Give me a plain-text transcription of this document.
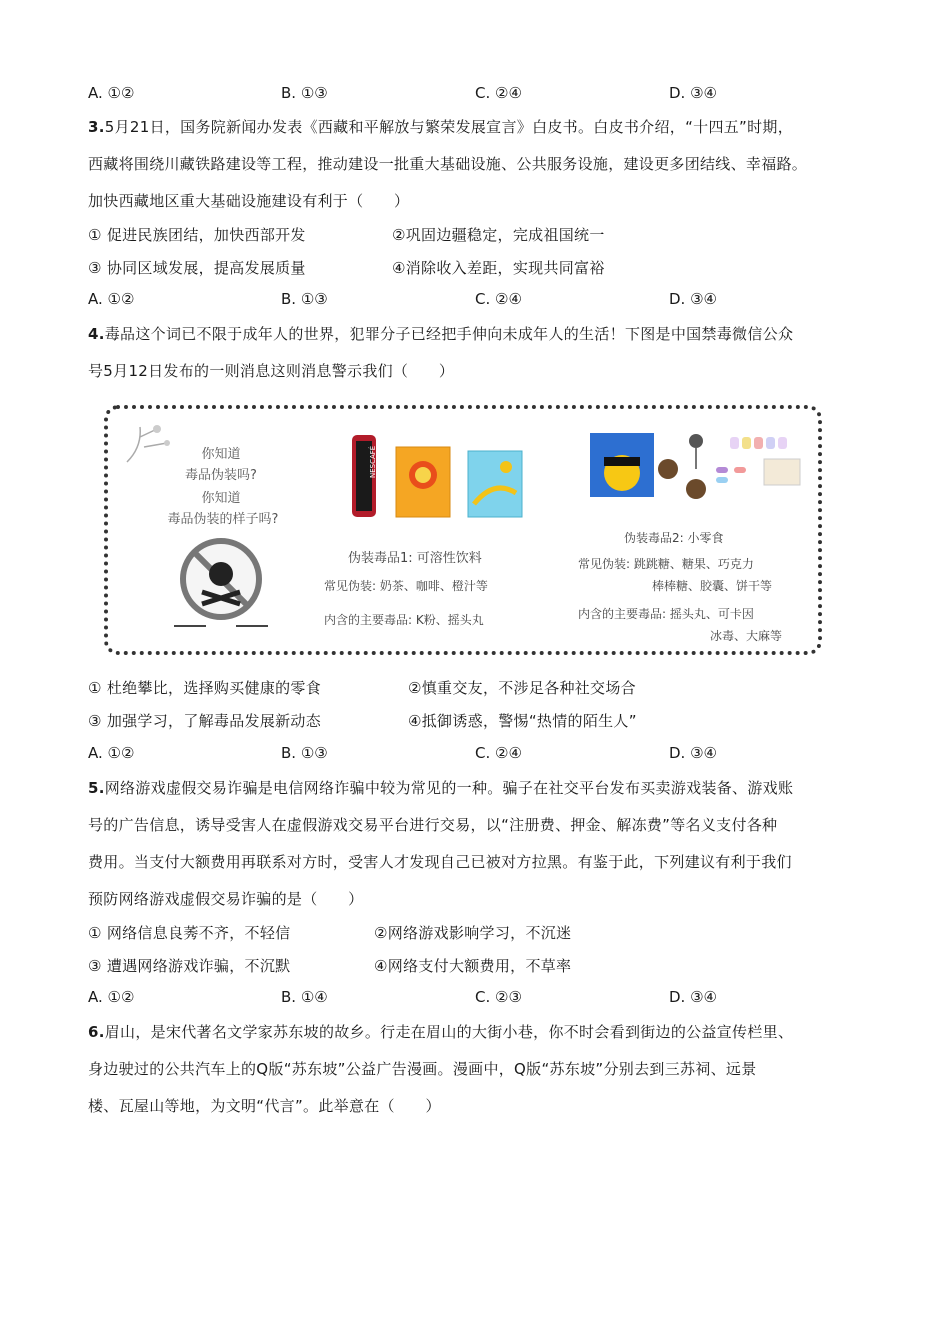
A. ①②	B. ①③	C. ②④	D. ③④
3.5月21日，国务院新闻办发表《西藏和平解放与繁荣发展宣言》白皮书。白皮书介绍，“十四五”时期，
西藏将围绕川藏铁路建设等工程，推动建设一批重大基础设施、公共服务设施，建设更多团结线、幸福路。
加快西藏地区重大基础设施建设有利于（　　）
① 促进民族团结，加快西部开发	②巩固边疆稳定，完成祖国统一
③ 协同区域发展，提高发展质量	④消除收入差距，实现共同富裕
A. ①②	B. ①③	C. ②④	D. ③④
4.毒品这个词已不限于成年人的世界，犯罪分子已经把手伸向未成年人的生活！下图是中国禁毒微信公众
号5月12日发布的一则消息这则消息警示我们（　　）
你知道
毒品伪装吗?
你知道
毒品伪装的样子吗?
NESCAFÉ
伪装毒品1: 可溶性饮料
常见伪装: 奶茶、咖啡、橙汁等
内含的主要毒品: K粉、摇头丸
伪装毒品2: 小零食
常见伪装: 跳跳糖、糖果、巧克力
棒棒糖、胶囊、饼干等
内含的主要毒品: 摇头丸、可卡因
冰毒、大麻等
① 杜绝攀比，选择购买健康的零食	②慎重交友，不涉足各种社交场合
③ 加强学习，了解毒品发展新动态	④抵御诱惑，警惕“热情的陌生人”
A. ①②	B. ①③	C. ②④	D. ③④
5.网络游戏虚假交易诈骗是电信网络诈骗中较为常见的一种。骗子在社交平台发布买卖游戏装备、游戏账
号的广告信息，诱导受害人在虚假游戏交易平台进行交易，以“注册费、押金、解冻费”等名义支付各种
费用。当支付大额费用再联系对方时，受害人才发现自己已被对方拉黑。有鉴于此，下列建议有利于我们
预防网络游戏虚假交易诈骗的是（　　）
① 网络信息良莠不齐，不轻信	②网络游戏影响学习，不沉迷
③ 遭遇网络游戏诈骗，不沉默	④网络支付大额费用，不草率
A. ①②	B. ①④	C. ②③	D. ③④
6.眉山，是宋代著名文学家苏东坡的故乡。行走在眉山的大街小巷，你不时会看到街边的公益宣传栏里、
身边驶过的公共汽车上的Q版“苏东坡”公益广告漫画。漫画中，Q版“苏东坡”分别去到三苏祠、远景
楼、瓦屋山等地，为文明“代言”。此举意在（　　）
